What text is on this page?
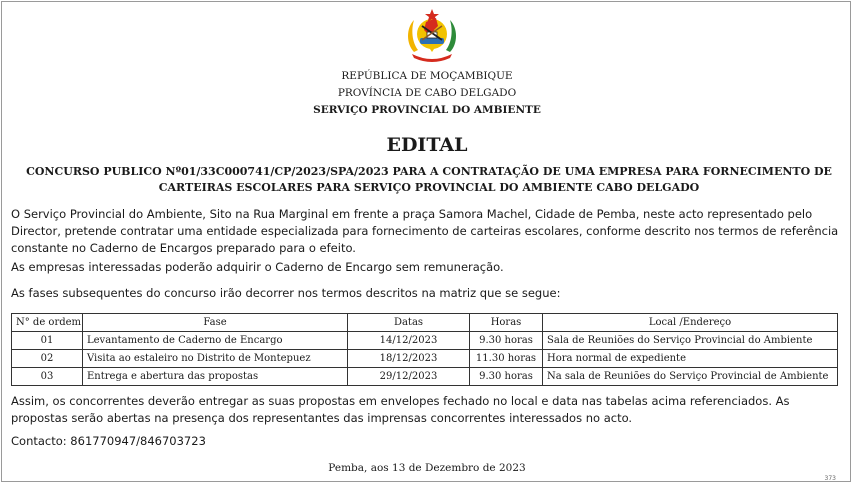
REPÚBLICA DE MOÇAMBIQUE
PROVÍNCIA DE CABO DELGADO
SERVIÇO PROVINCIAL DO AMBIENTE
EDITAL
CONCURSO PUBLICO Nº01/33C000741/CP/2023/SPA/2023 PARA A CONTRATAÇÃO DE UMA EMPRESA PARA FORNECIMENTO DE CARTEIRAS ESCOLARES PARA SERVIÇO PROVINCIAL DO AMBIENTE CABO DELGADO
O Serviço Provincial do Ambiente, Sito na Rua Marginal em frente a praça Samora Machel, Cidade de Pemba, neste acto representado pelo Director, pretende contratar uma entidade especializada para fornecimento de carteiras escolares, conforme descrito nos termos de referência constante no Caderno de Encargos preparado para o efeito.
As empresas interessadas poderão adquirir o Caderno de Encargo sem remuneração.
As fases subsequentes do concurso irão decorrer nos termos descritos na matriz que se segue:
N° de ordem	Fase	Datas	Horas	Local /Endereço
01	Levantamento de Caderno de Encargo	14/12/2023	9.30 horas	Sala de Reuniões do Serviço Provincial do Ambiente
02	Visita ao estaleiro no Distrito de Montepuez	18/12/2023	11.30 horas	Hora normal de expediente
03	Entrega e abertura das propostas	29/12/2023	9.30 horas	Na sala de Reuniões do Serviço Provincial de Ambiente
Assim, os concorrentes deverão entregar as suas propostas em envelopes fechado no local e data nas tabelas acima referenciados. As propostas serão abertas na presença dos representantes das imprensas concorrentes interessados no acto.
Contacto: 861770947/846703723
Pemba, aos 13 de Dezembro de 2023
373
